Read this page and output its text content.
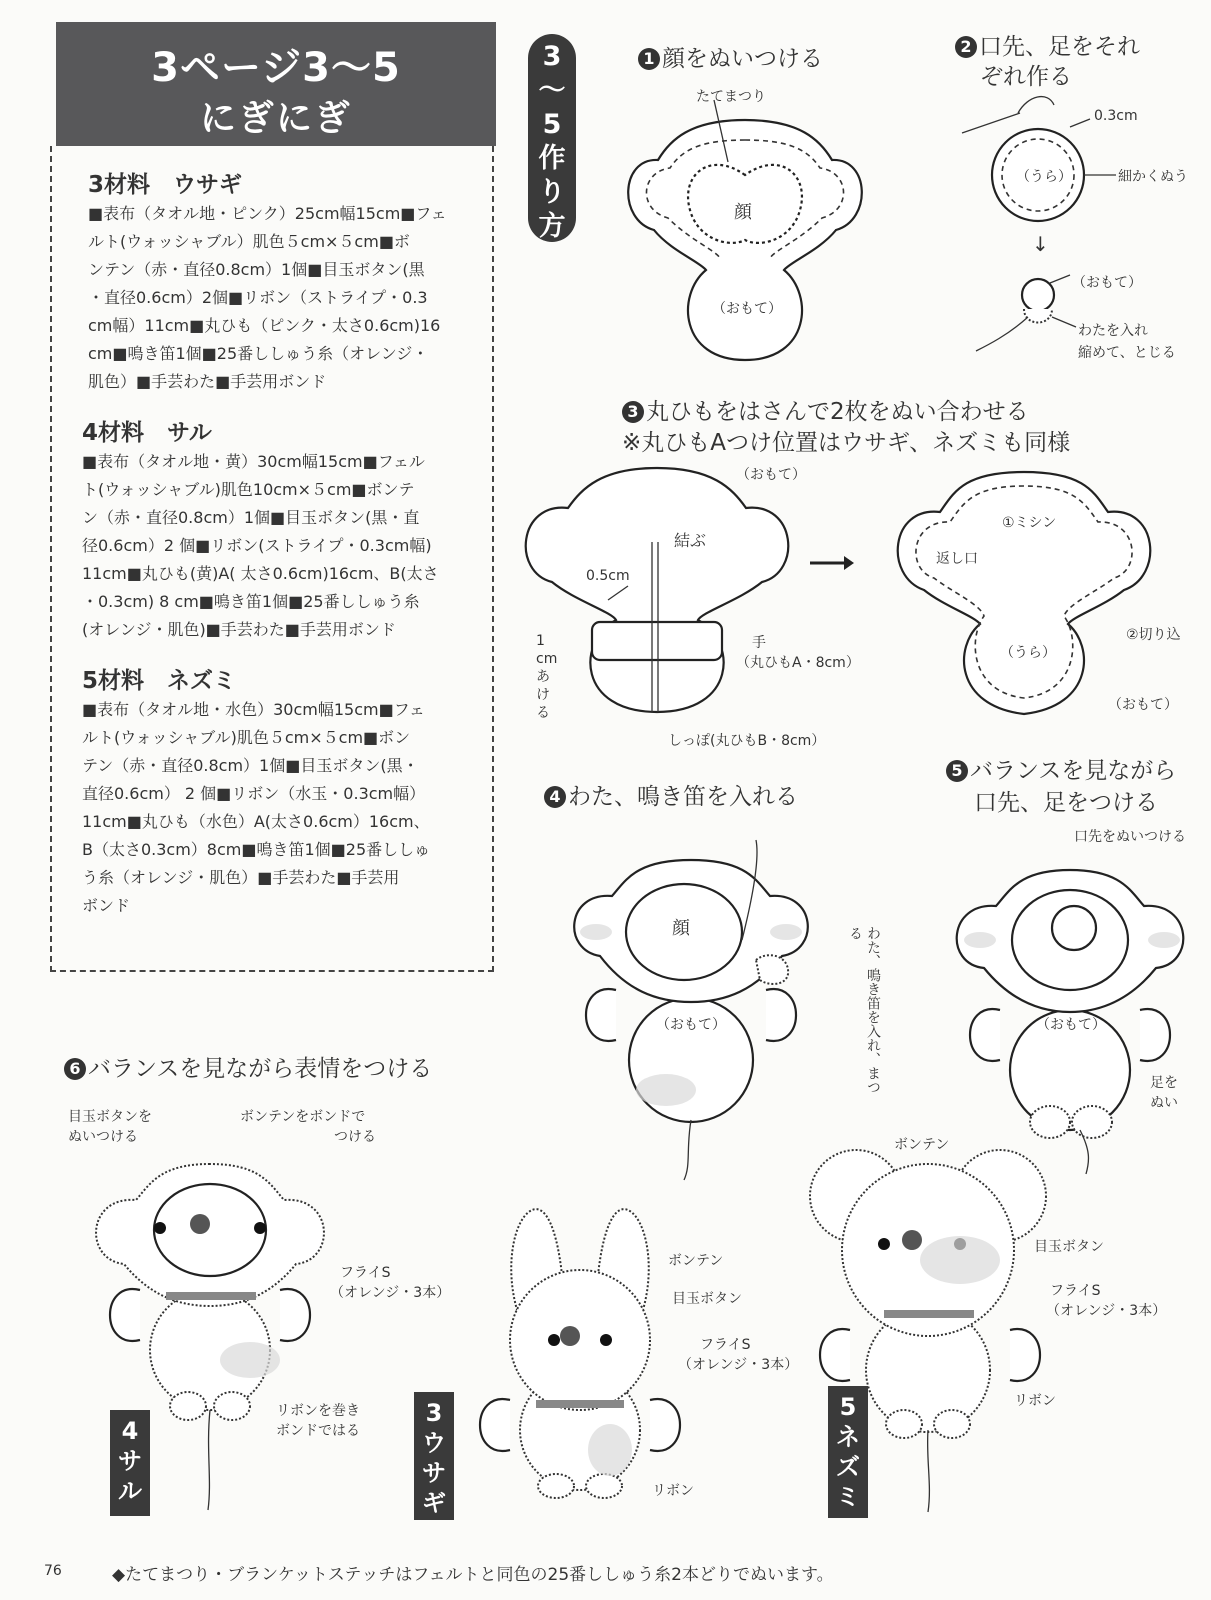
3ページ3〜5
にぎにぎ
3材料　ウサギ
■表布（タオル地・ピンク）25cm幅15cm■フェ
ルト(ウォッシャブル）肌色５cm×５cm■ボ
ンテン（赤・直径0.8cm）1個■目玉ボタン(黒
・直径0.6cm）2個■リボン（ストライプ・0.3
cm幅）11cm■丸ひも（ピンク・太さ0.6cm)16
cm■鳴き笛1個■25番ししゅう糸（オレンジ・
肌色）■手芸わた■手芸用ボンド
4材料　サル
■表布（タオル地・黄）30cm幅15cm■フェル
ト(ウォッシャブル)肌色10cm×５cm■ボンテ
ン（赤・直径0.8cm）1個■目玉ボタン(黒・直
径0.6cm）2 個■リボン(ストライプ・0.3cm幅)
11cm■丸ひも(黄)A( 太さ0.6cm)16cm、B(太さ
・0.3cm) 8 cm■鳴き笛1個■25番ししゅう糸
(オレンジ・肌色)■手芸わた■手芸用ボンド
5材料　ネズミ
■表布（タオル地・水色）30cm幅15cm■フェ
ルト(ウォッシャブル)肌色５cm×５cm■ボン
テン（赤・直径0.8cm）1個■目玉ボタン(黒・
直径0.6cm） 2 個■リボン（水玉・0.3cm幅）
11cm■丸ひも（水色）A(太さ0.6cm）16cm、
B（太さ0.3cm）8cm■鳴き笛1個■25番ししゅ
う糸（オレンジ・肌色）■手芸わた■手芸用
ボンド
3
〜
5
作
り
方
1 顔をぬいつける
たてまつり
顔
（おもて）
2 口先、足をそれ
ぞれ作る
0.3cm
（うら）	細かくぬう
↓
（おもて）
わたを入れ
縮めて、とじる
3 丸ひもをはさんで2枚をぬい合わせる
※丸ひもAつけ位置はウサギ、ネズミも同様
（おもて）
結ぶ
0.5cm
1
cm
あけ
る
手
（丸ひもA・8cm）
しっぽ(丸ひもB・8cm）
①ミシン
返し口
②切り込
（うら）
（おもて）
4 わた、鳴き笛を入れる
顔
（おもて）	わた、鳴き笛を入れ、まつる
5 バランスを見ながら
口先、足をつける
口先をぬいつける
（おもて）
足を
ぬい
6 バランスを見ながら表情をつける
目玉ボタンを
ぬいつける
ボンテンをボンドで
つける
フライS
（オレンジ・3本）
リボンを巻き
ボンドではる
4サル
ボンテン
目玉ボタン
フライS
（オレンジ・3本）
リボン
3ウサギ
ボンテン
目玉ボタン
フライS
（オレンジ・3本）
リボン
5ネズミ
76	◆たてまつり・ブランケットステッチはフェルトと同色の25番ししゅう糸2本どりでぬいます。
